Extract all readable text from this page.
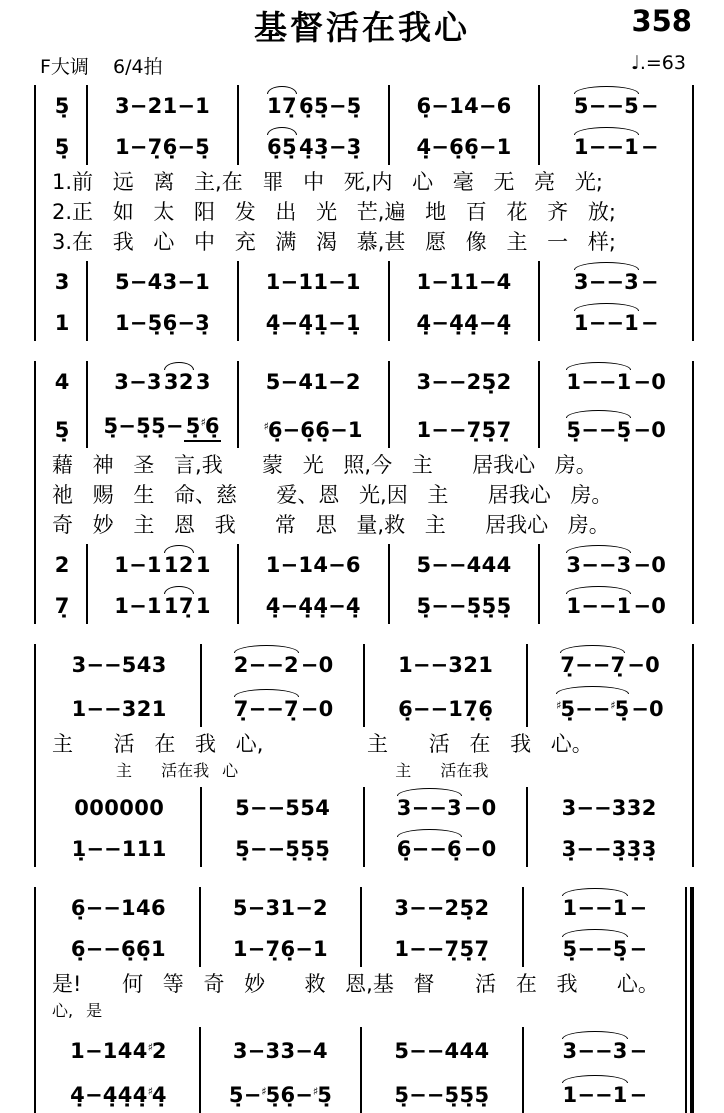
基督活在我心	358
F大调 6/4拍	♩.=63
5̣	3−21−1	17̣ 6̣5̣−5̣	6̣−14−6	5−−5 −
5̣	1−7̣6̣−5̣	6̣5̣ 4̣3̣−3̣	4̣−6̣6̣−1	1−−1 −
1.前 远 离 主,在 罪 中 死,内 心 毫 无 亮 光;
2.正 如 太 阳 发 出 光 芒,遍 地 百 花 齐 放;
3.在 我 心 中 充 满 渴 慕,甚 愿 像 主 一 样;
3	5−43−1	1−11−1	1−11−4	3−−3 −
1	1−5̣6̣−3̣	4̣−4̣1̣−1̣	4̣−4̣4̣−4̣	1−−1 −
4	3−3 32 3	5−41−2	3−−25̣2	1−−1 −0
5̣	5̣−5̣5̣− 5̣♯6̣	♯6̣−6̣6̣−1	1−−7̣5̣7̣	5̣−−5̣ −0
藉 神 圣 言,我  蒙 光 照,今 主  居我心 房。
祂 赐 生 命、慈  爱、恩 光,因 主  居我心 房。
奇 妙 主 恩 我  常 思 量,救 主  居我心 房。
2	1−1 12 1	1−14−6	5−−444	3−−3 −0
7̣	1−1 17̣ 1	4̣−4̣4̣−4̣	5̣−−5̣5̣5̣	1−−1 −0
3−−543	2−−2 −0	1−−321	7̣−−7̣ −0
1−−321	7̣−−7̣ −0	6̣−−17̣6̣	♯5̣−−♯5̣−0
主　 活 在 我 心,　　　　 主　 活 在 我 心。
　　　　主　 活在我 心　　　　　　　　　 主　 活在我
000000	5−−554	3−−3 −0	3−−332
1̣−−111	5̣−−5̣5̣5̣	6̣−−6̣ −0	3̣−−3̣3̣3̣
6̣−−146	5−31−2	3−−25̣2	1−−1 −
6̣−−6̣6̣1	1−7̣6̣−1	1−−7̣5̣7̣	5̣−−5̣ −
是!　 何 等 奇 妙  救 恩,基 督　 活 在 我  心。
心, 是
1−144♯2	3−33−4	5−−444	3−−3 −
4̣−4̣4̣4̣♯4̣	5̣−♯5̣6̣−♯5̣	5̣−−5̣5̣5̣	1−−1 −
